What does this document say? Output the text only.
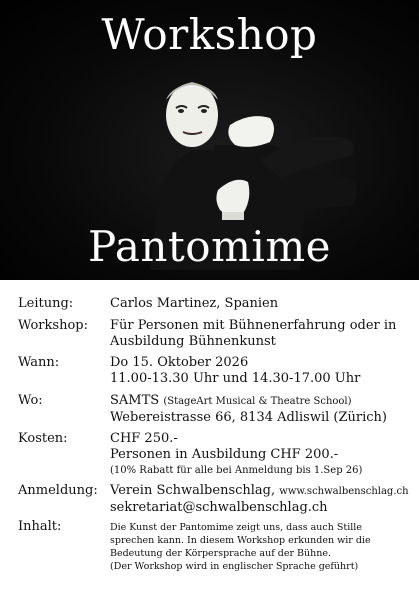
Workshop
Pantomime
Leitung:	Carlos Martinez, Spanien
Workshop: Für Personen mit Bühnenerfahrung oder in
Ausbildung Bühnenkunst
Wann:	Do 15. Oktober 2026
11.00-13.30 Uhr und 14.30-17.00 Uhr
Wo:	SAMTS (StageArt Musical & Theatre School)
Webereistrasse 66, 8134 Adliswil (Zürich)
Kosten:	CHF 250.-
Personen in Ausbildung CHF 200.-
(10% Rabatt für alle bei Anmeldung bis 1.Sep 26)
Anmeldung: Verein Schwalbenschlag, www.schwalbenschlag.ch
sekretariat@schwalbenschlag.ch
Inhalt:	Die Kunst der Pantomime zeigt uns, dass auch Stille
sprechen kann. In diesem Workshop erkunden wir die
Bedeutung der Körpersprache auf der Bühne.
(Der Workshop wird in englischer Sprache geführt)
